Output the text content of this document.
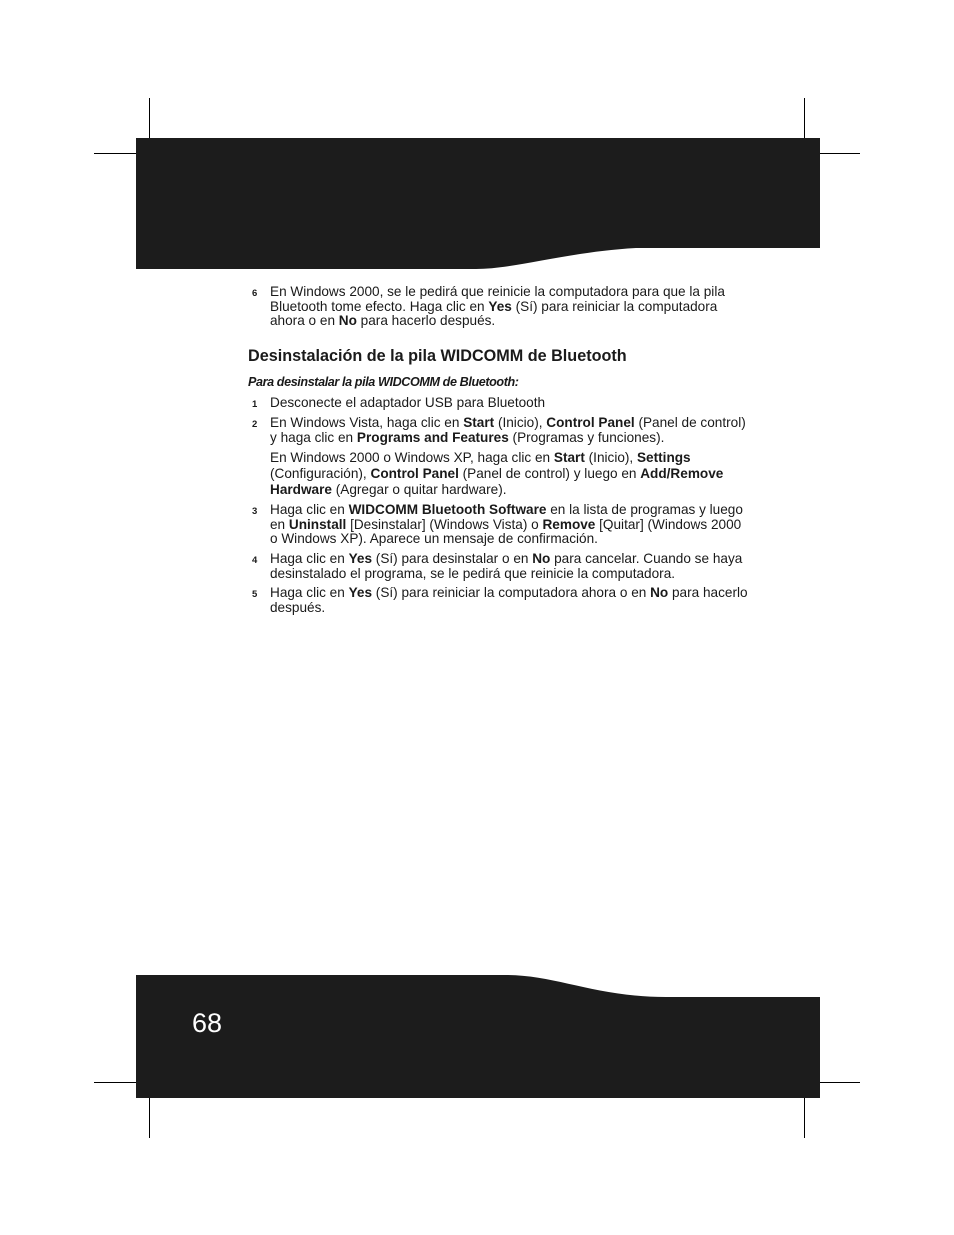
68
6 En Windows 2000, se le pedirá que reinicie la computadora para que la pila Bluetooth tome efecto. Haga clic en Yes (Sí) para reiniciar la computadora ahora o en No para hacerlo después.
Desinstalación de la pila WIDCOMM de Bluetooth
Para desinstalar la pila WIDCOMM de Bluetooth:
1 Desconecte el adaptador USB para Bluetooth
2 En Windows Vista, haga clic en Start (Inicio), Control Panel (Panel de control) y haga clic en Programs and Features (Programas y funciones).
En Windows 2000 o Windows XP, haga clic en Start (Inicio), Settings (Configuración), Control Panel (Panel de control) y luego en Add/Remove Hardware (Agregar o quitar hardware).
3 Haga clic en WIDCOMM Bluetooth Software en la lista de programas y luego en Uninstall [Desinstalar] (Windows Vista) o Remove [Quitar] (Windows 2000 o Windows XP). Aparece un mensaje de confirmación.
4 Haga clic en Yes (Sí) para desinstalar o en No para cancelar. Cuando se haya desinstalado el programa, se le pedirá que reinicie la computadora.
5 Haga clic en Yes (Sí) para reiniciar la computadora ahora o en No para hacerlo después.
